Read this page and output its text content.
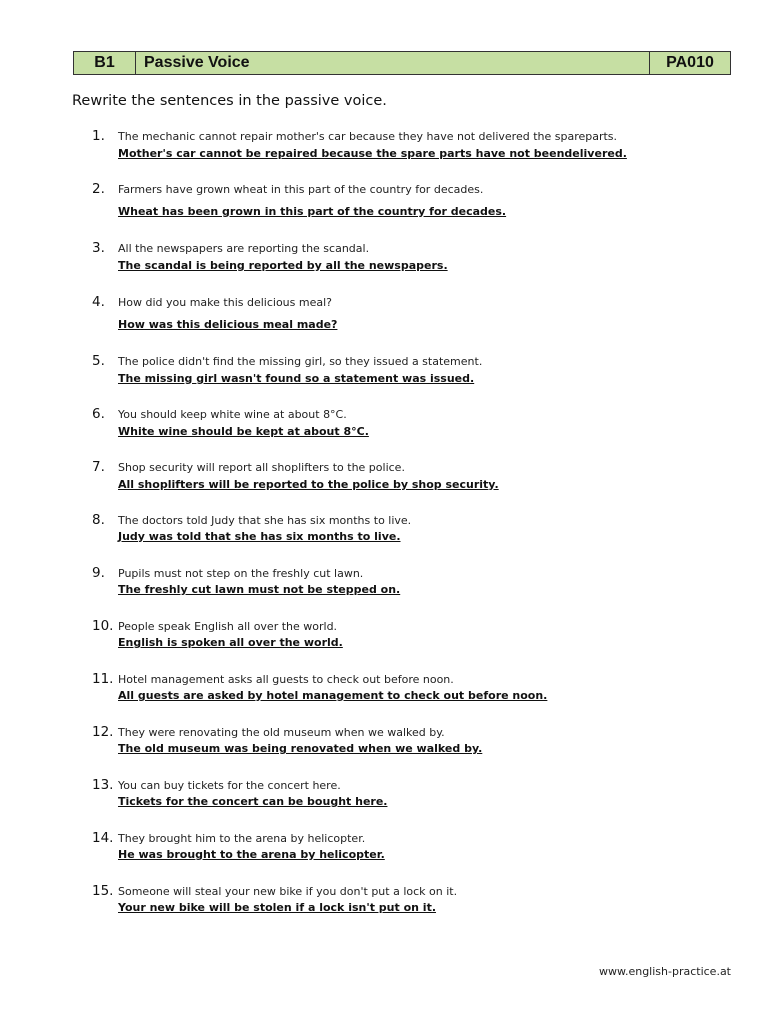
B1	Passive Voice	PA010
Rewrite the sentences in the passive voice.
1.	The mechanic cannot repair mother's car because they have not delivered the spareparts.
Mother's car cannot be repaired because the spare parts have not beendelivered.
2.	Farmers have grown wheat in this part of the country for decades.
Wheat has been grown in this part of the country for decades.
3.	All the newspapers are reporting the scandal.
The scandal is being reported by all the newspapers.
4.	How did you make this delicious meal?
How was this delicious meal made?
5.	The police didn't find the missing girl, so they issued a statement.
The missing girl wasn't found so a statement was issued.
6.	You should keep white wine at about 8°C.
White wine should be kept at about 8°C.
7.	Shop security will report all shoplifters to the police.
All shoplifters will be reported to the police by shop security.
8.	The doctors told Judy that she has six months to live.
Judy was told that she has six months to live.
9.	Pupils must not step on the freshly cut lawn.
The freshly cut lawn must not be stepped on.
10. People speak English all over the world.
English is spoken all over the world.
11. Hotel management asks all guests to check out before noon.
All guests are asked by hotel management to check out before noon.
12. They were renovating the old museum when we walked by.
The old museum was being renovated when we walked by.
13. You can buy tickets for the concert here.
Tickets for the concert can be bought here.
14. They brought him to the arena by helicopter.
He was brought to the arena by helicopter.
15. Someone will steal your new bike if you don't put a lock on it.
Your new bike will be stolen if a lock isn't put on it.
www.english-practice.at
